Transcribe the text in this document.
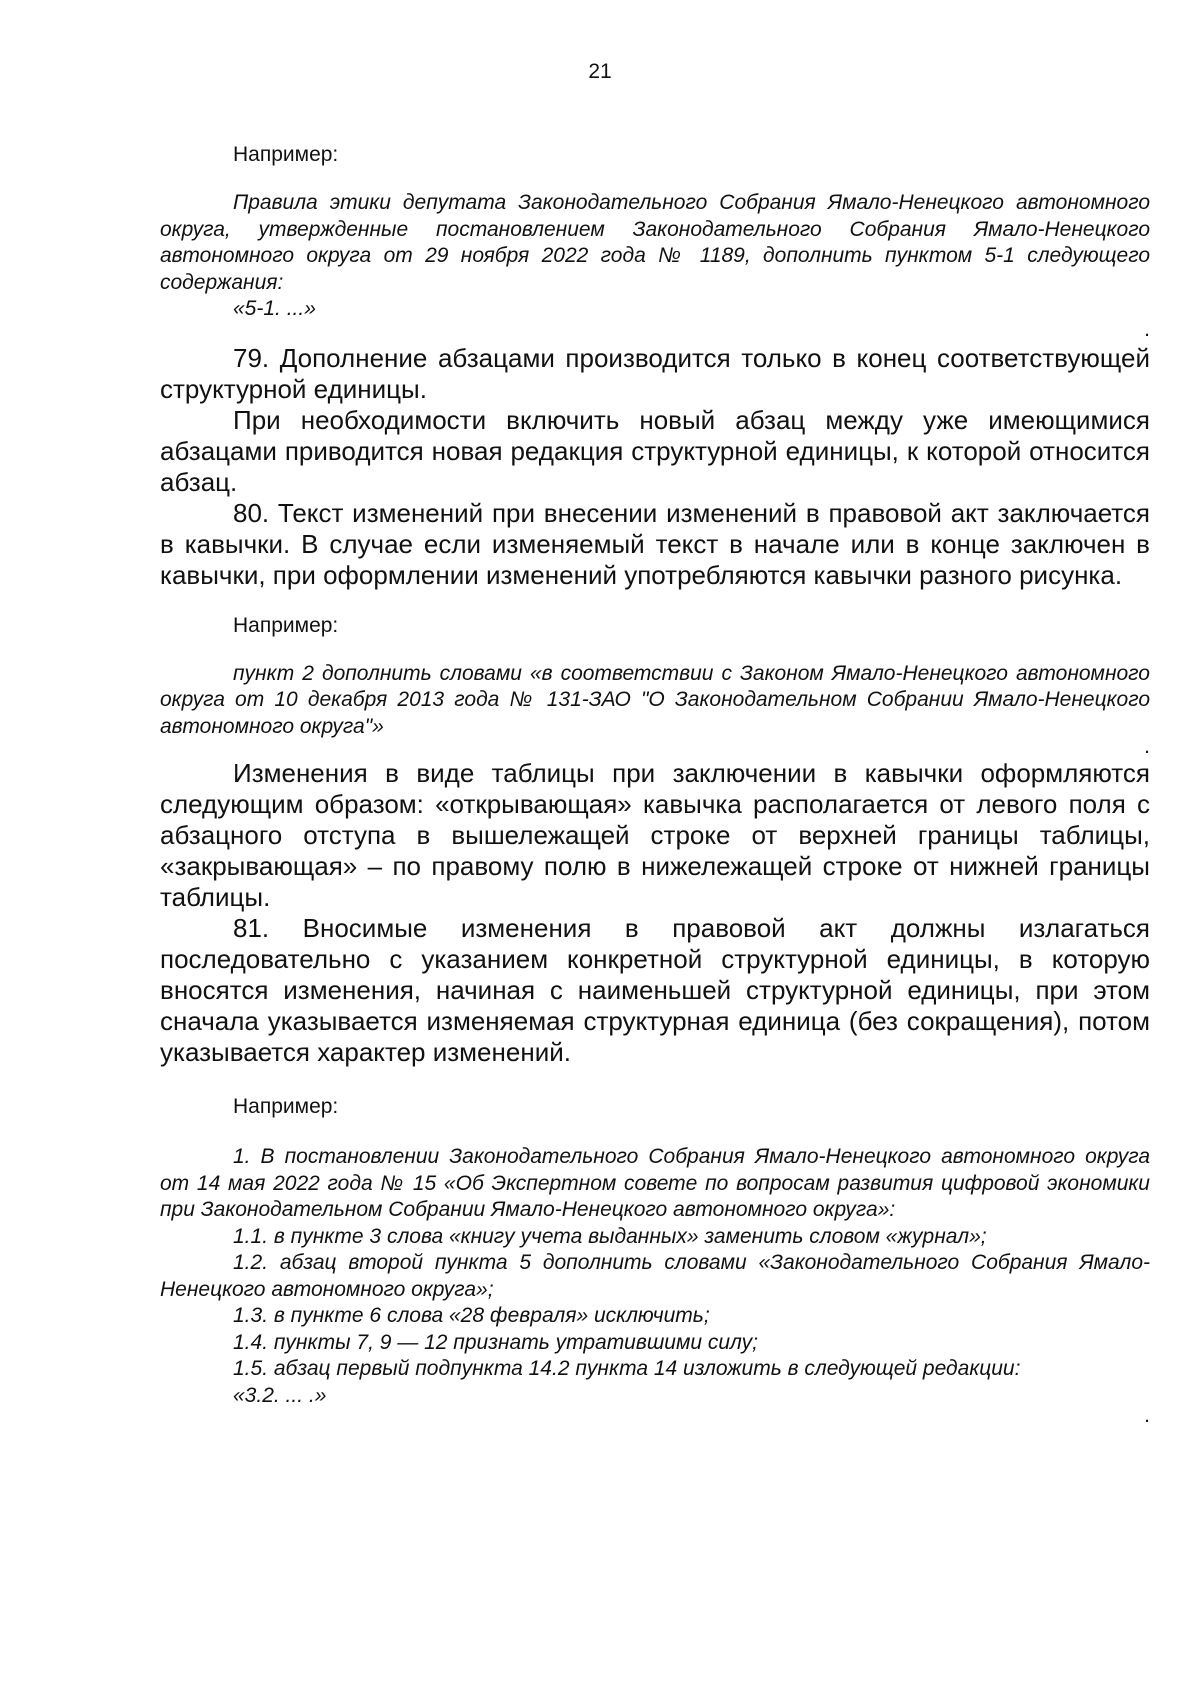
21

Например:

Правила этики депутата Законодательного Собрания Ямало-Ненецкого автономного округа, утвержденные постановлением Законодательного Собрания Ямало-Ненецкого автономного округа от 29 ноября 2022 года № 1189, дополнить пунктом 5-1 следующего содержания:

«5-1. ...»

.

79. Дополнение абзацами производится только в конец соответствующей структурной единицы.

При необходимости включить новый абзац между уже имеющимися абзацами приводится новая редакция структурной единицы, к которой относится абзац.

80. Текст изменений при внесении изменений в правовой акт заключается в кавычки. В случае если изменяемый текст в начале или в конце заключен в кавычки, при оформлении изменений употребляются кавычки разного рисунка.

Например:

пункт 2 дополнить словами «в соответствии с Законом Ямало-Ненецкого автономного округа от 10 декабря 2013 года № 131-ЗАО "О Законодательном Собрании Ямало-Ненецкого автономного округа"»

.

Изменения в виде таблицы при заключении в кавычки оформляются следующим образом: «открывающая» кавычка располагается от левого поля с абзацного отступа в вышележащей строке от верхней границы таблицы, «закрывающая» – по правому полю в нижележащей строке от нижней границы таблицы.

81. Вносимые изменения в правовой акт должны излагаться последовательно с указанием конкретной структурной единицы, в которую вносятся изменения, начиная с наименьшей структурной единицы, при этом сначала указывается изменяемая структурная единица (без сокращения), потом указывается характер изменений.

Например:

1. В постановлении Законодательного Собрания Ямало-Ненецкого автономного округа от 14 мая 2022 года № 15 «Об Экспертном совете по вопросам развития цифровой экономики при Законодательном Собрании Ямало-Ненецкого автономного округа»:

1.1. в пункте 3 слова «книгу учета выданных» заменить словом «журнал»;

1.2. абзац второй пункта 5 дополнить словами «Законодательного Собрания Ямало-Ненецкого автономного округа»;

1.3. в пункте 6 слова «28 февраля» исключить;

1.4. пункты 7, 9 — 12 признать утратившими силу;

1.5. абзац первый подпункта 14.2 пункта 14 изложить в следующей редакции:

«3.2. ... .»

.
